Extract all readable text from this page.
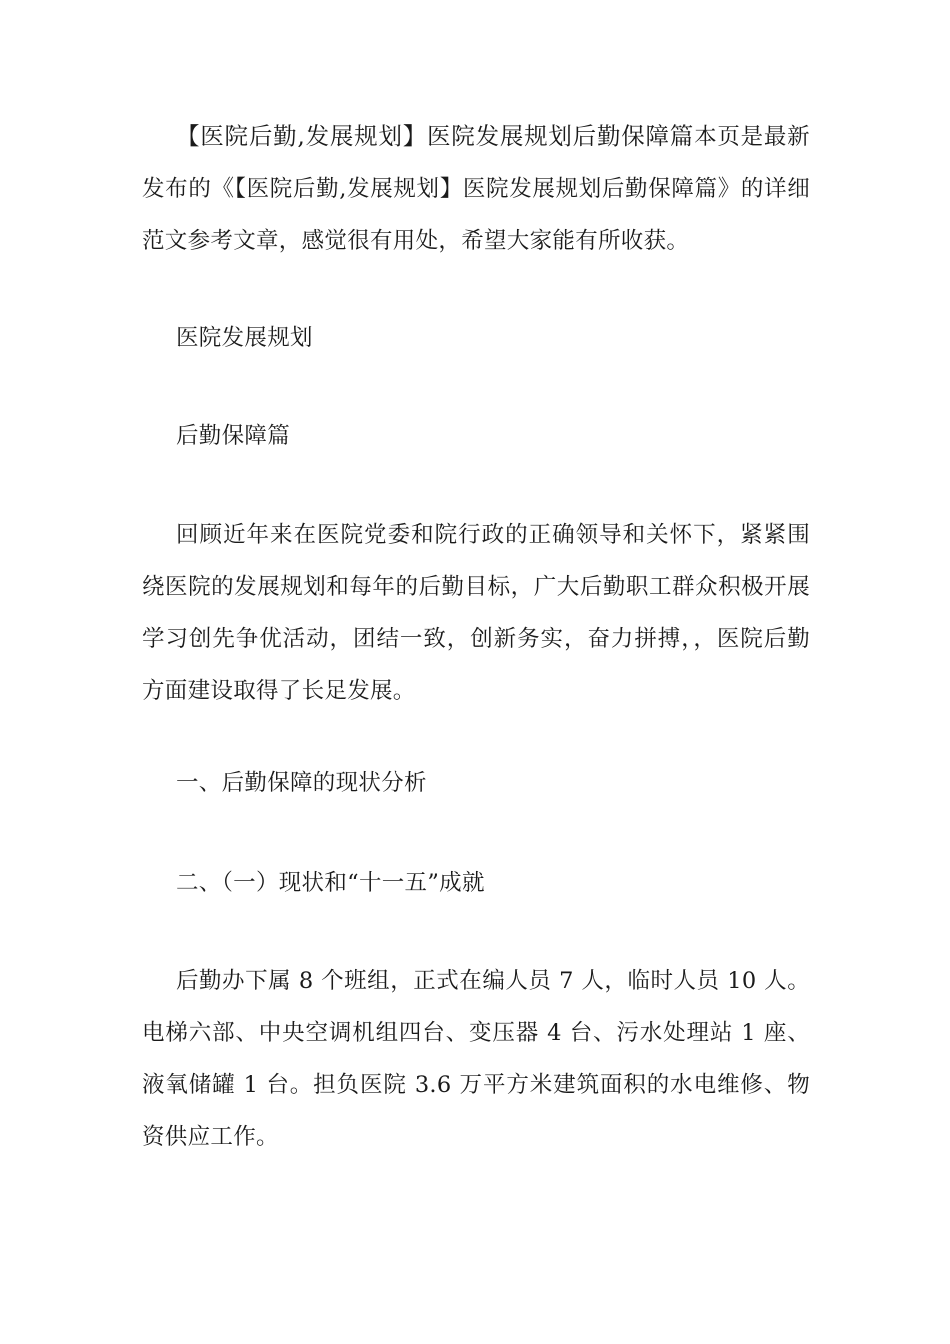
【医院后勤,发展规划】医院发展规划后勤保障篇本页是最新发布的《【医院后勤,发展规划】医院发展规划后勤保障篇》的详细范文参考文章，感觉很有用处，希望大家能有所收获。

医院发展规划

后勤保障篇

回顾近年来在医院党委和院行政的正确领导和关怀下，紧紧围绕医院的发展规划和每年的后勤目标，广大后勤职工群众积极开展学习创先争优活动，团结一致，创新务实，奋力拼搏，，医院后勤方面建设取得了长足发展。

一、后勤保障的现状分析

二、（一）现状和“十一五”成就

后勤办下属 8 个班组，正式在编人员 7 人，临时人员 10 人。电梯六部、中央空调机组四台、变压器 4 台、污水处理站 1 座、液氧储罐 1 台。担负医院 3.6 万平方米建筑面积的水电维修、物资供应工作。
